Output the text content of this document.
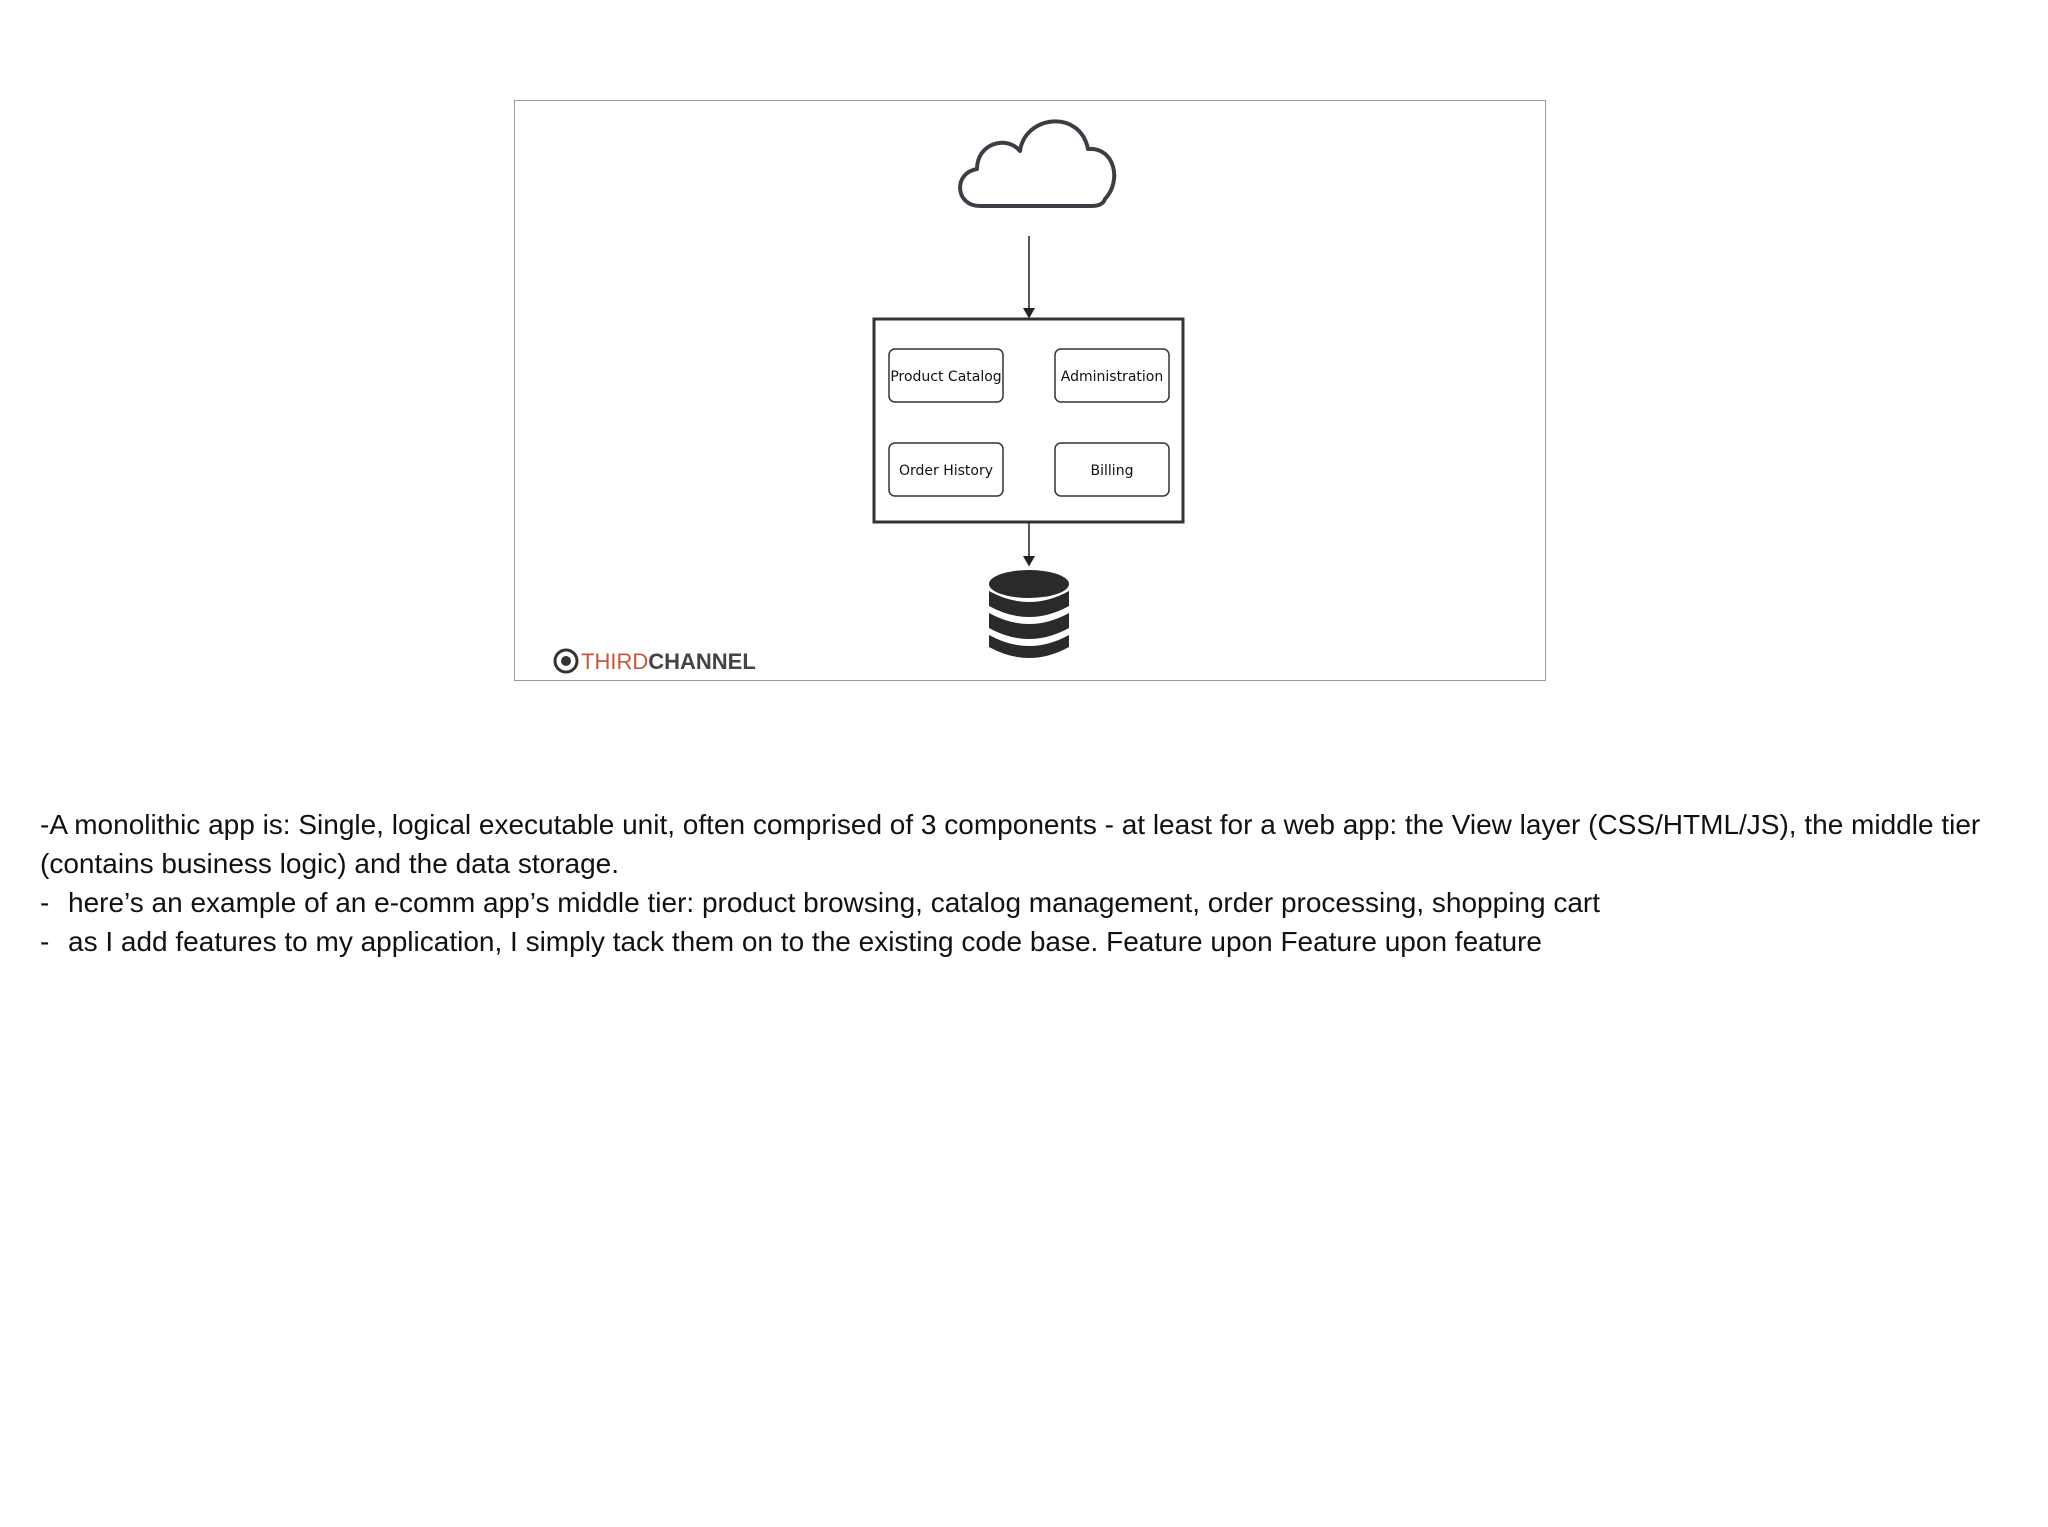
Product Catalog	Administration
Order History	Billing
THIRDCHANNEL

-A monolithic app is: Single, logical executable unit, often comprised of 3 components - at least for a web app: the View layer (CSS/HTML/JS), the middle tier (contains business logic) and the data storage.

- here’s an example of an e-comm app’s middle tier: product browsing, catalog management, order processing, shopping cart
- as I add features to my application, I simply tack them on to the existing code base. Feature upon Feature upon feature
